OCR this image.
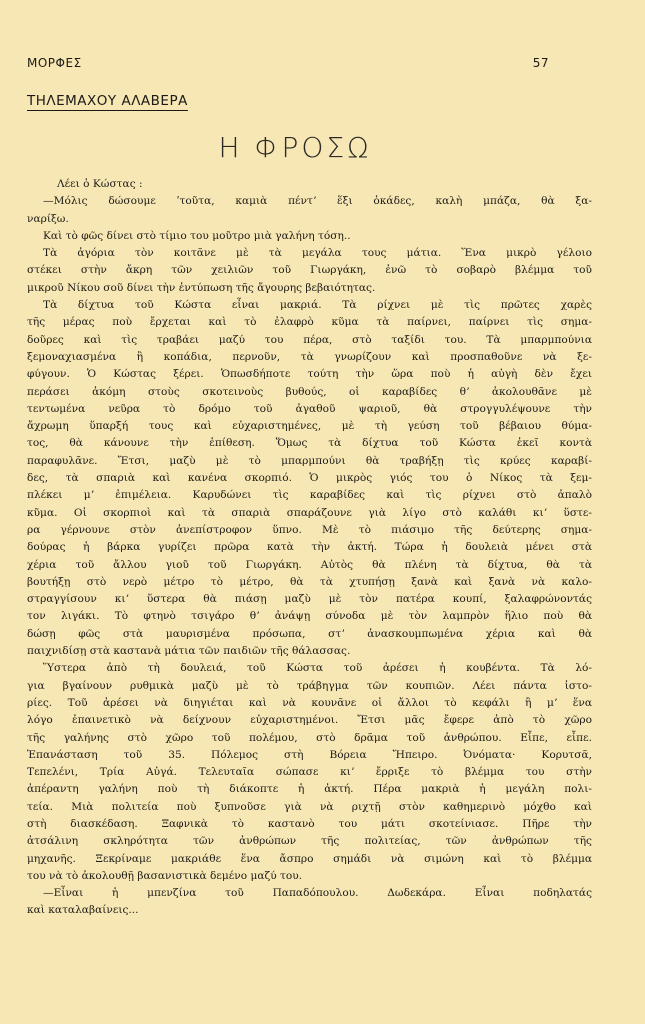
ΜΟΡΦΕΣ	57
ΤΗΛΕΜΑΧΟΥ ΑΛΑΒΕΡΑ
Η ΦΡΟΣΩ

Λέει ὁ Κώστας :

—Μόλις δώσουμε ʹτοῦτα, καμιὰ πέντʼ ἕξι ὀκάδες, καλὴ μπάζα, θὰ ξα-
ναρίξω.

Καὶ τὸ φῶς δίνει στὸ τίμιο του μοῦτρο μιὰ γαλήνη τόση..

Τὰ ἀγόρια τὸν κοιτᾶνε μὲ τὰ μεγάλα τους μάτια. Ἕνα μικρὸ γέλοιο
στέκει στὴν ἄκρη τῶν χειλιῶν τοῦ Γιωργάκη, ἐνῶ τὸ σοβαρὸ βλέμμα τοῦ
μικροῦ Νίκου σοῦ δίνει τὴν ἐντύπωση τῆς ἄγουρης βεβαιότητας.

Τὰ δίχτυα τοῦ Κώστα εἶναι μακριά. Τὰ ρίχνει μὲ τὶς πρῶτες χαρὲς
τῆς μέρας ποὺ ἔρχεται καὶ τὸ ἐλαφρὸ κῦμα τὰ παίρνει, παίρνει τὶς σημα-
δοῦρες καὶ τὶς τραβάει μαζύ του πέρα, στὸ ταξίδι του. Τὰ μπαρμπούνια
ξεμοναχιασμένα ἢ κοπάδια, περνοῦν, τὰ γνωρίζουν καὶ προσπαθοῦνε νὰ ξε-
φύγουν. Ὁ Κώστας ξέρει. Ὁπωσδήποτε τούτη τὴν ὥρα ποὺ ἡ αὐγὴ δὲν ἔχει
περάσει ἀκόμη στοὺς σκοτεινοὺς βυθούς, οἱ καραβίδες θʼ ἀκολουθᾶνε μὲ
τεντωμένα νεῦρα τὸ δρόμο τοῦ ἀγαθοῦ ψαριοῦ, θὰ στρογγυλέψουνε τὴν
ἄχρωμη ὕπαρξή τους καὶ εὐχαριστημένες, μὲ τὴ γεύση τοῦ βέβαιου θύμα-
τος, θὰ κάνουνε τὴν ἐπίθεση. Ὅμως τὰ δίχτυα τοῦ Κώστα ἐκεῖ κοντὰ
παραφυλᾶνε. Ἔτσι, μαζὺ μὲ τὸ μπαρμπούνι θὰ τραβήξῃ τὶς κρύες καραβί-
δες, τὰ σπαριὰ καὶ κανένα σκορπιό. Ὁ μικρὸς γιός του ὁ Νίκος τὰ ξεμ-
πλέκει μʼ ἐπιμέλεια. Καρυδώνει τὶς καραβίδες καὶ τὶς ρίχνει στὸ ἀπαλὸ
κῦμα. Οἱ σκορπιοὶ καὶ τὰ σπαριὰ σπαράζουνε γιὰ λίγο στὸ καλάθι κιʼ ὕστε-
ρα γέρνουνε στὸν ἀνεπίστροφον ὕπνο. Μὲ τὸ πιάσιμο τῆς δεύτερης σημα-
δούρας ἡ βάρκα γυρίζει πρῶρα κατὰ τὴν ἀκτή. Τώρα ἡ δουλειὰ μένει στὰ
χέρια τοῦ ἄλλου γιοῦ τοῦ Γιωργάκη. Αὐτὸς θὰ πλένη τὰ δίχτυα, θὰ τὰ
βουτήξῃ στὸ νερὸ μέτρο τὸ μέτρο, θὰ τὰ χτυπήσῃ ξανὰ καὶ ξανὰ νὰ καλο-
στραγγίσουν κιʼ ὕστερα θὰ πιάσῃ μαζὺ μὲ τὸν πατέρα κουπί, ξαλαφρώνοντάς
τον λιγάκι. Τὸ φτηνὸ τσιγάρο θʼ ἀνάψῃ σύνοδα μὲ τὸν λαμπρὸν ἥλιο ποὺ θὰ
δώσῃ φῶς στὰ μαυρισμένα πρόσωπα, στʼ ἀνασκουμπωμένα χέρια καὶ θὰ
παιχνιδίσῃ στὰ καστανὰ μάτια τῶν παιδιῶν τῆς θάλασσας.

Ὕστερα ἀπὸ τὴ δουλειά, τοῦ Κώστα τοῦ ἀρέσει ἡ κουβέντα. Τὰ λό-
για βγαίνουν ρυθμικὰ μαζὺ μὲ τὸ τράβηγμα τῶν κουπιῶν. Λέει πάντα ἱστο-
ρίες. Τοῦ ἀρέσει νὰ διηγιέται καὶ νὰ κουνᾶνε οἱ ἄλλοι τὸ κεφάλι ἢ μʼ ἕνα
λόγο ἐπαινετικὸ νὰ δείχνουν εὐχαριστημένοι. Ἔτσι μᾶς ἔφερε ἀπὸ τὸ χῶρο
τῆς γαλήνης στὸ χῶρο τοῦ πολέμου, στὸ δρᾶμα τοῦ ἀνθρώπου. Εἶπε, εἶπε.
Ἐπανάσταση τοῦ 35. Πόλεμος στὴ Βόρεια Ἤπειρο. Ὀνόματα· Κορυτσᾶ,
Τεπελένι, Τρία Αὐγά. Τελευταῖα σώπασε κιʼ ἔρριξε τὸ βλέμμα του στὴν
ἀπέραντη γαλήνη ποὺ τὴ διάκοπτε ἡ ἀκτή. Πέρα μακριὰ ἡ μεγάλη πολι-
τεία. Μιὰ πολιτεία ποὺ ξυπνοῦσε γιὰ νὰ ριχτῇ στὸν καθημερινὸ μόχθο καὶ
στὴ διασκέδαση. Ξαφνικὰ τὸ καστανὸ του μάτι σκοτείνιασε. Πῆρε τὴν
ἀτσάλινη σκληρότητα τῶν ἀνθρώπων τῆς πολιτείας, τῶν ἀνθρώπων τῆς
μηχανῆς. Ξεκρίναμε μακριάθε ἕνα ἄσπρο σημάδι νὰ σιμώνη καὶ τὸ βλέμμα
του νὰ τὸ ἀκολουθῇ βασανιστικὰ δεμένο μαζύ του.

—Εἶναι ἡ μπενζίνα τοῦ Παπαδόπουλου. Δωδεκάρα. Εἶναι ποδηλατάς
καὶ καταλαβαίνεις...
